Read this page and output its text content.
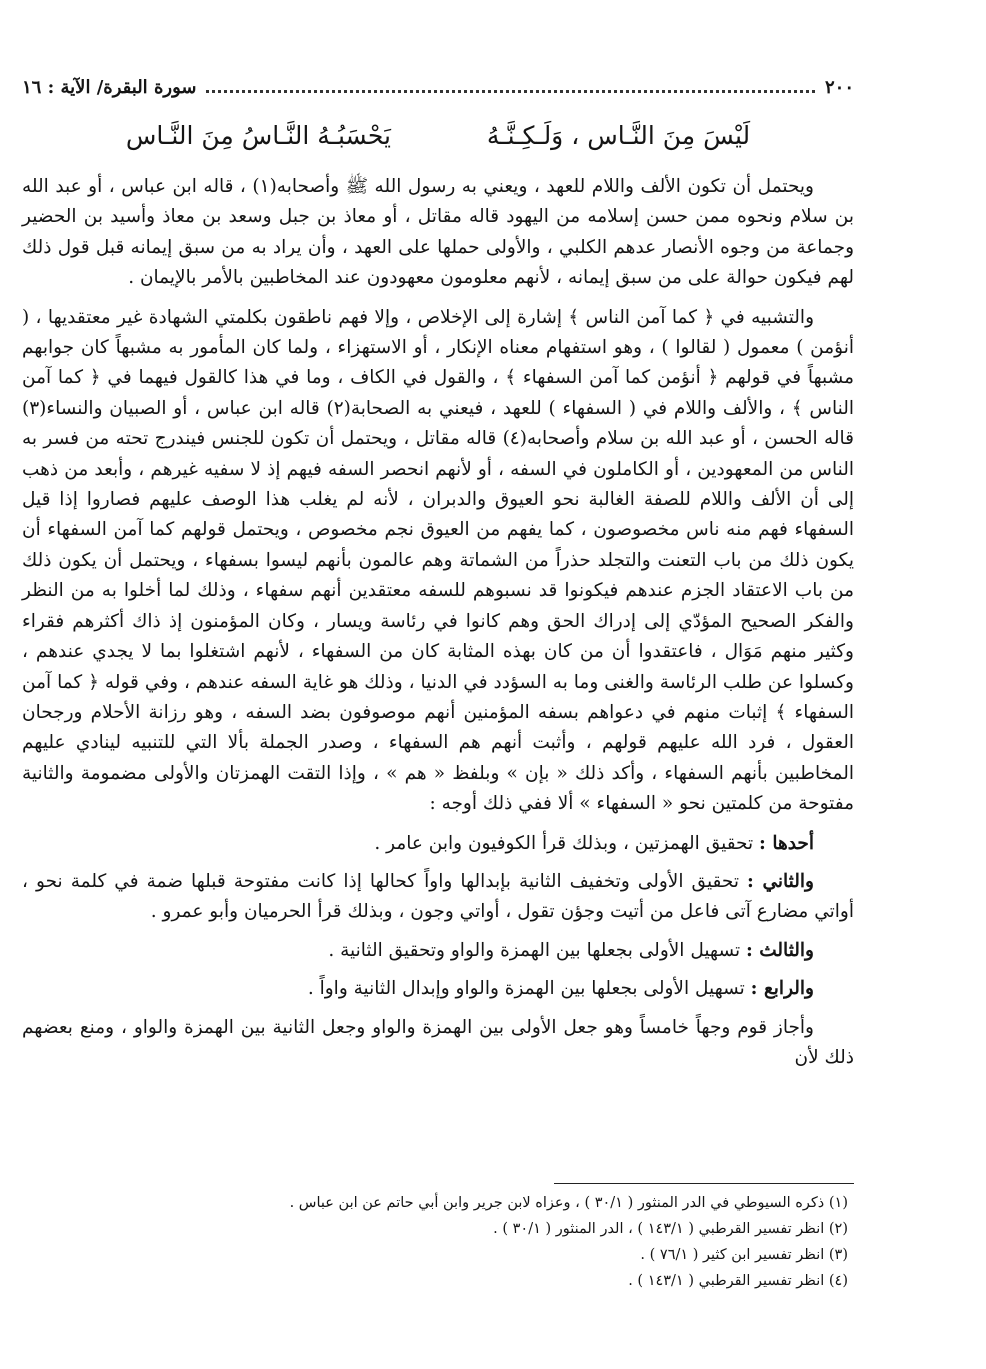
٢٠٠
سورة البقرة/ الآية : ١٦
لَيْسَ مِنَ النَّـاس ، وَلَـكِـنَّـهُ  يَحْسَبُـهُ النَّـاسُ مِنَ النَّـاس

ويحتمل أن تكون الألف واللام للعهد ، ويعني به رسول الله ﷺ وأصحابه(١) ، قاله ابن عباس ، أو عبد الله بن سلام ونحوه ممن حسن إسلامه من اليهود قاله مقاتل ، أو معاذ بن جبل وسعد بن معاذ وأسيد بن الحضير وجماعة من وجوه الأنصار عدهم الكلبي ، والأولى حملها على العهد ، وأن يراد به من سبق إيمانه قبل قول ذلك لهم فيكون حوالة على من سبق إيمانه ، لأنهم معلومون معهودون عند المخاطبين بالأمر بالإيمان .

والتشبيه في ﴿ كما آمن الناس ﴾ إشارة إلى الإخلاص ، وإلا فهم ناطقون بكلمتي الشهادة غير معتقديها ، ( أنؤمن ) معمول ( لقالوا ) ، وهو استفهام معناه الإنكار ، أو الاستهزاء ، ولما كان المأمور به مشبهاً كان جوابهم مشبهاً في قولهم ﴿ أنؤمن كما آمن السفهاء ﴾ ، والقول في الكاف ، وما في هذا كالقول فيهما في ﴿ كما آمن الناس ﴾ ، والألف واللام في ( السفهاء ) للعهد ، فيعني به الصحابة(٢) قاله ابن عباس ، أو الصبيان والنساء(٣) قاله الحسن ، أو عبد الله بن سلام وأصحابه(٤) قاله مقاتل ، ويحتمل أن تكون للجنس فيندرج تحته من فسر به الناس من المعهودين ، أو الكاملون في السفه ، أو لأنهم انحصر السفه فيهم إذ لا سفيه غيرهم ، وأبعد من ذهب إلى أن الألف واللام للصفة الغالبة نحو العيوق والدبران ، لأنه لم يغلب هذا الوصف عليهم فصاروا إذا قيل السفهاء فهم منه ناس مخصوصون ، كما يفهم من العيوق نجم مخصوص ، ويحتمل قولهم كما آمن السفهاء أن يكون ذلك من باب التعنت والتجلد حذراً من الشماتة وهم عالمون بأنهم ليسوا بسفهاء ، ويحتمل أن يكون ذلك من باب الاعتقاد الجزم عندهم فيكونوا قد نسبوهم للسفه معتقدين أنهم سفهاء ، وذلك لما أخلوا به من النظر والفكر الصحيح المؤدّي إلى إدراك الحق وهم كانوا في رئاسة ويسار ، وكان المؤمنون إذ ذاك أكثرهم فقراء وكثير منهم مَوَال ، فاعتقدوا أن من كان بهذه المثابة كان من السفهاء ، لأنهم اشتغلوا بما لا يجدي عندهم ، وكسلوا عن طلب الرئاسة والغنى وما به السؤدد في الدنيا ، وذلك هو غاية السفه عندهم ، وفي قوله ﴿ كما آمن السفهاء ﴾ إثبات منهم في دعواهم بسفه المؤمنين أنهم موصوفون بضد السفه ، وهو رزانة الأحلام ورجحان العقول ، فرد الله عليهم قولهم ، وأثبت أنهم هم السفهاء ، وصدر الجملة بألا التي للتنبيه لينادي عليهم المخاطبين بأنهم السفهاء ، وأكد ذلك « بإن » وبلفظ « هم » ، وإذا التقت الهمزتان والأولى مضمومة والثانية مفتوحة من كلمتين نحو « السفهاء » ألا ففي ذلك أوجه :

أحدها : تحقيق الهمزتين ، وبذلك قرأ الكوفيون وابن عامر .

والثاني : تحقيق الأولى وتخفيف الثانية بإبدالها واواً كحالها إذا كانت مفتوحة قبلها ضمة في كلمة نحو ، أواتي مضارع آتى فاعل من أتيت وجؤن تقول ، أواتي وجون ، وبذلك قرأ الحرميان وأبو عمرو .

والثالث : تسهيل الأولى بجعلها بين الهمزة والواو وتحقيق الثانية .

والرابع : تسهيل الأولى بجعلها بين الهمزة والواو وإبدال الثانية واواً .

وأجاز قوم وجهاً خامساً وهو جعل الأولى بين الهمزة والواو وجعل الثانية بين الهمزة والواو ، ومنع بعضهم ذلك لأن

(١) ذكره السيوطي في الدر المنثور ( ٣٠/١ ) ، وعزاه لابن جرير وابن أبي حاتم عن ابن عباس .
(٢) انظر تفسير القرطبي ( ١٤٣/١ ) ، الدر المنثور ( ٣٠/١ ) .
(٣) انظر تفسير ابن كثير ( ٧٦/١ ) .
(٤) انظر تفسير القرطبي ( ١٤٣/١ ) .
